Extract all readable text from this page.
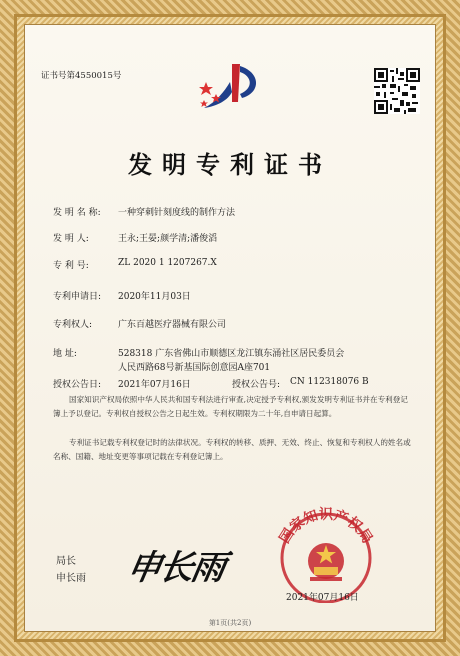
证书号第4550015号
发明专利证书
发 明 名 称: 一种穿刺针刻度线的制作方法
发 明 人:	王永;王晏;颜学清;潘俊滔
专 利 号:	ZL 2020 1 1207267.X
专利申请日: 2020年11月03日
专利权人:	广东百越医疗器械有限公司
地 址:	528318 广东省佛山市顺德区龙江镇东涌社区居民委员会
人民西路68号新基国际创意园A座701
授权公告日: 2021年07月16日	授权公告号: CN 112318076 B
国家知识产权局依照中华人民共和国专利法进行审查,决定授予专利权,颁发发明专利证书并在专利登记簿上予以登记。专利权自授权公告之日起生效。专利权期限为二十年,自申请日起算。
专利证书记载专利权登记时的法律状况。专利权的转移、质押、无效、终止、恢复和专利权人的姓名或名称、国籍、地址变更等事项记载在专利登记簿上。
局长
申长雨 申长雨
国家知识产权局
2021年07月16日
第1页(共2页)
